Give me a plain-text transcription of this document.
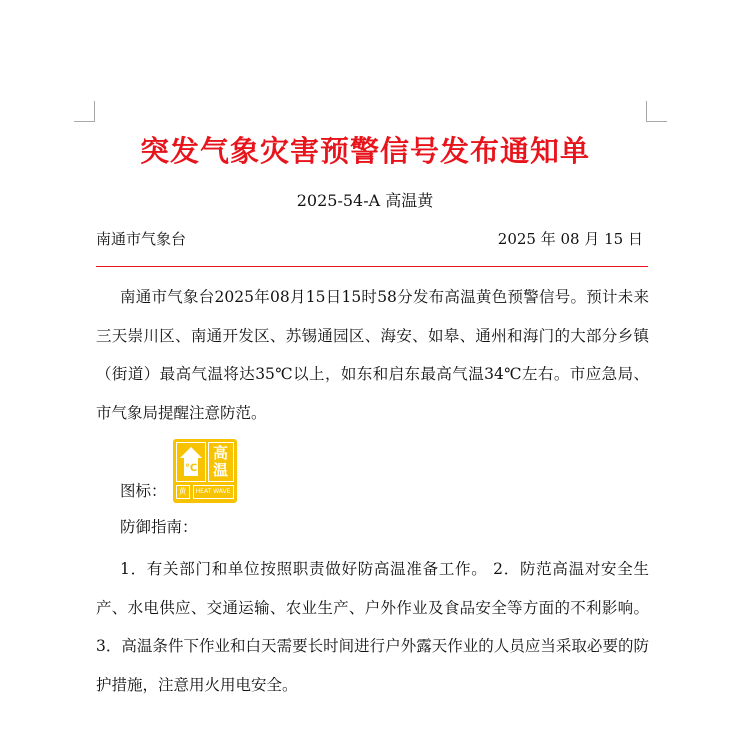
突发气象灾害预警信号发布通知单
2025-54-A 高温黄
南通市气象台	2025 年 08 月 15 日
南通市气象台2025年08月15日15时58分发布高温黄色预警信号。预计未来三天崇川区、南通开发区、苏锡通园区、海安、如皋、通州和海门的大部分乡镇（街道）最高气温将达35℃以上，如东和启东最高气温34℃左右。市应急局、市气象局提醒注意防范。
图标：
℃
高
温
黄	HEAT WAVE
防御指南：
1．有关部门和单位按照职责做好防高温准备工作。 2．防范高温对安全生产、水电供应、交通运输、农业生产、户外作业及食品安全等方面的不利影响。 3．高温条件下作业和白天需要长时间进行户外露天作业的人员应当采取必要的防护措施，注意用火用电安全。
